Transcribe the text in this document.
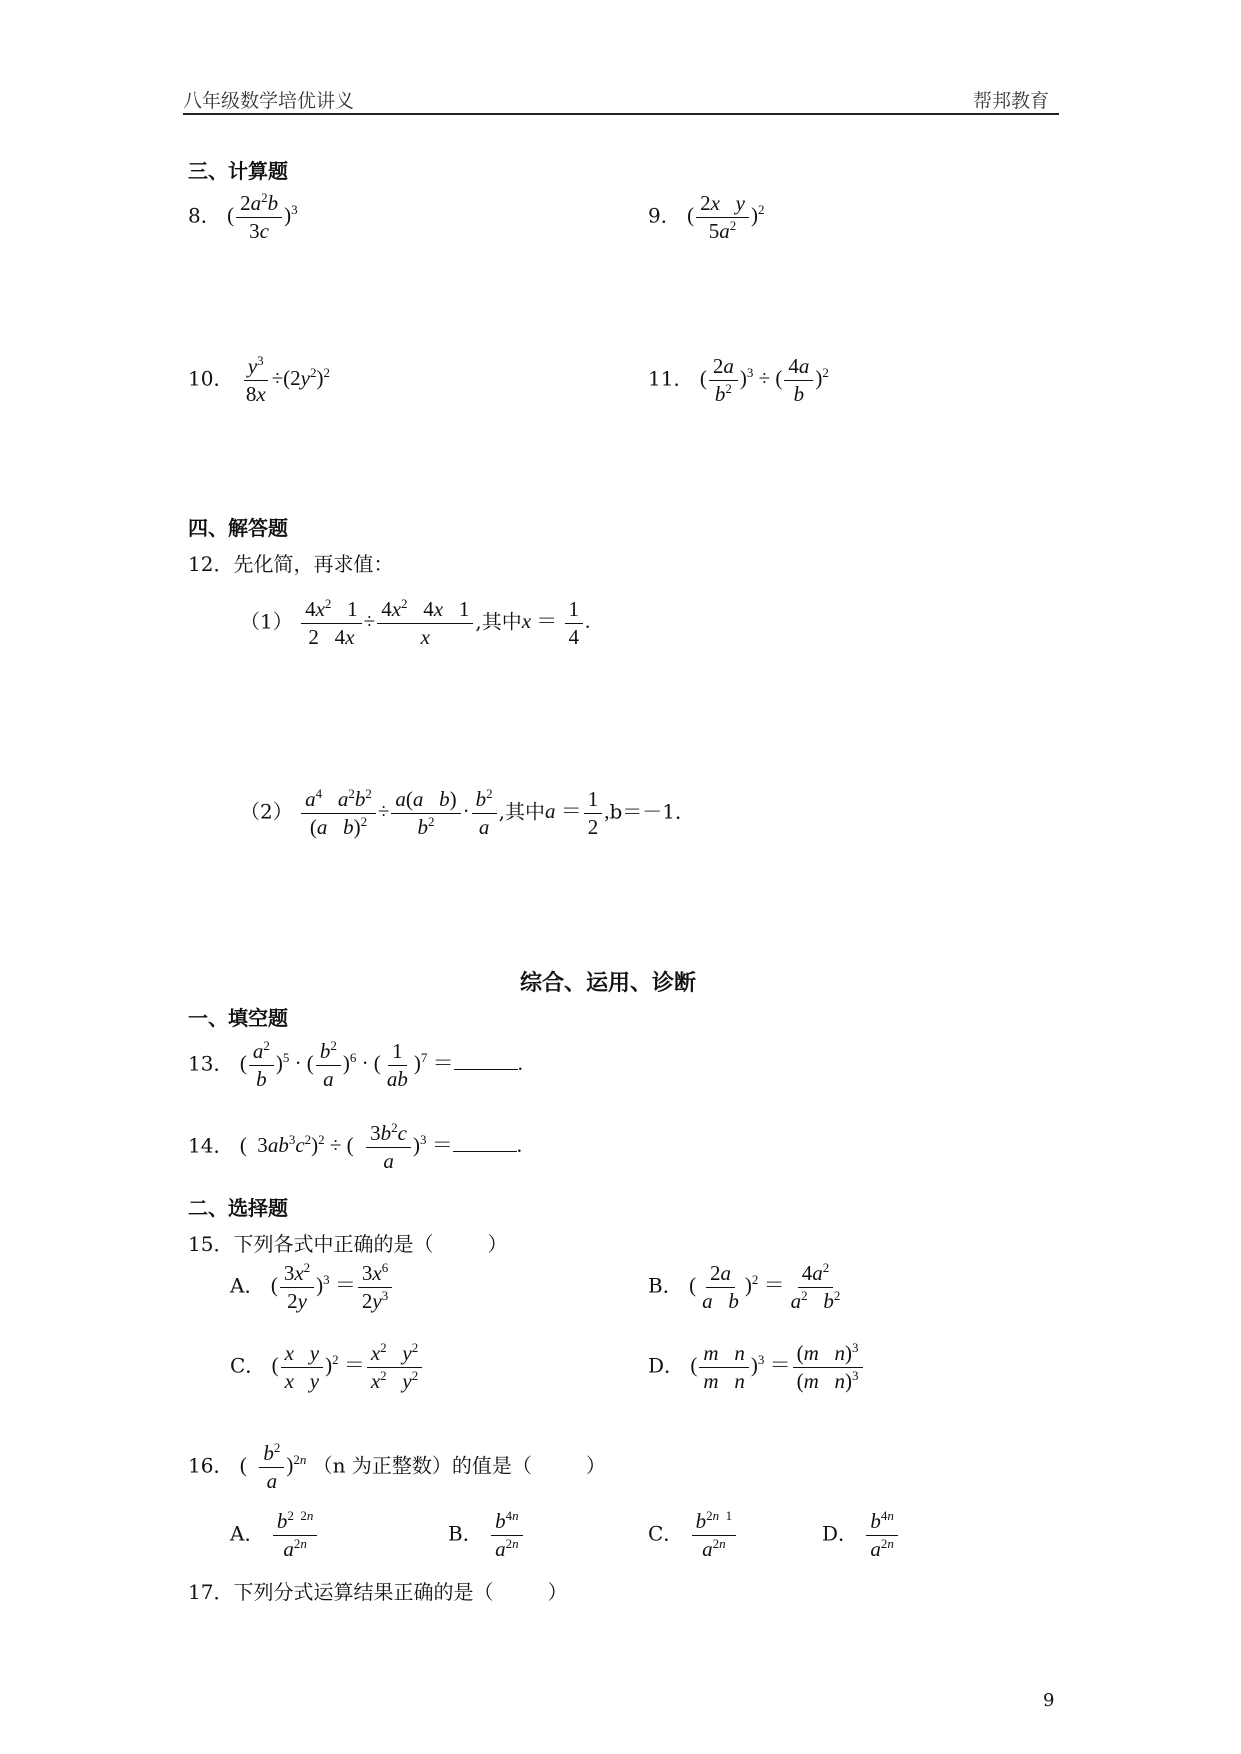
八年级数学培优讲义	帮邦教育
三、计算题
8． ( $\frac{2a^2b}{3c} )^3$	9． ( $\frac{\text{2x y}}{5a^2} )^2$
10． $\frac{y^3}{8x} \div(2y^2)^2$	11． ( $\frac{2a}{b^2} )^3$ ÷ ( $\frac{4a}{b} )^2$
四、解答题
12．先化简，再求值：
$(1) \frac{4x^2 1}{2 4x} \div \frac{4x^2 4x 1}{x}$ ,其中$x = \frac{1}{4}$ .
$(2) \frac{a^4 a^2b^2}{(a b)^2} \div \frac{\text{a(a b)}}{b^2} \cdot \frac{b^2}{a}$ ,其中$a = \frac{1}{2} ,b=-1$．
综合、运用、诊断
一、填空题
13． ( $\frac{a^2}{b} )^5$ · ( $\frac{b^2}{a} )^6$ · ( $\frac{1}{ab} )^7$ ＝	.
14． (  $3ab^3c^2)^2$ ÷ ( $\frac{3b^2c}{a} )^3$ ＝	.
二、选择题
15．下列各式中正确的是（	）
A． ( $\frac{3x^2}{2y} )^3 = \frac{3x^6}{2y^3}$	B． ( $\frac{2a}{\text{a b}} )^2 = \frac{4a^2}{a^2 b^2}$
C． ( $\frac{\text{x y}}{\text{x y}} )^2 = \frac{x^2 y^2}{x^2 y^2}$	D． ( $\frac{\text{m n}}{\text{m n}} )^3 = \frac{(m n)^3}{(m n)^3}$
16． ( $\frac{b^2}{a} )^{2n}$ （n 为正整数）的值是（	）
A． $\frac{b^{2 2n}}{a^{2n}}$	B． $\frac{b^{4n}}{a^{2n}}$	C． $\frac{b^{2n 1}}{a^{2n}}$	D． $\frac{b^{4n}}{a^{2n}}$
17．下列分式运算结果正确的是（	）
9
